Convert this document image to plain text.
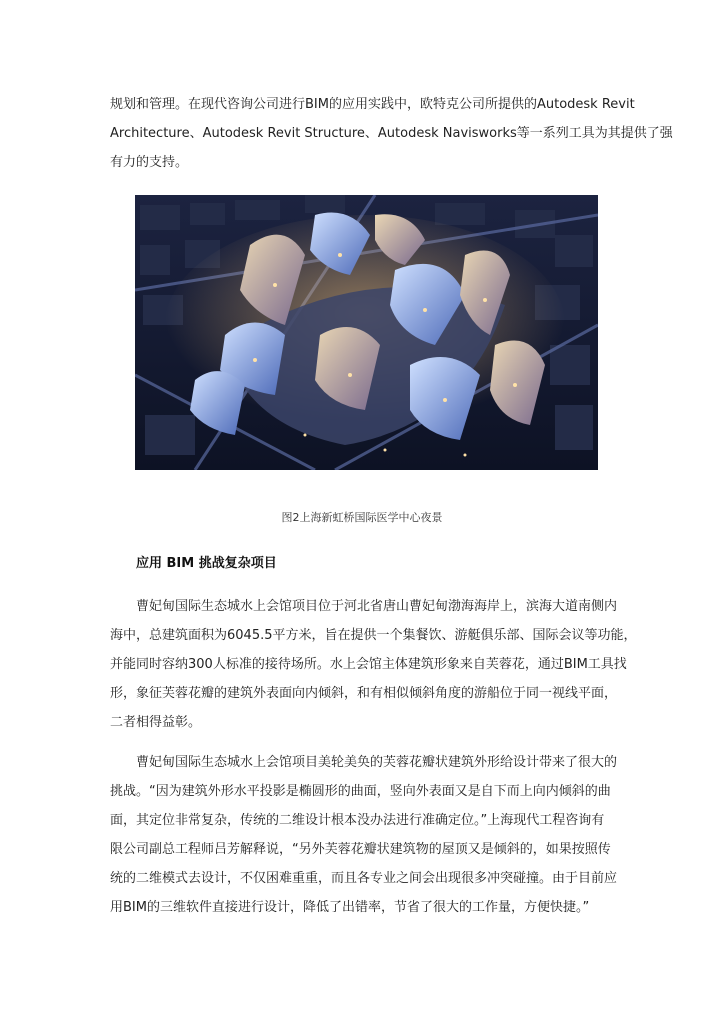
规划和管理。在现代咨询公司进行BIM的应用实践中，欧特克公司所提供的Autodesk Revit
Architecture、Autodesk Revit Structure、Autodesk Navisworks等一系列工具为其提供了强
有力的支持。

图2上海新虹桥国际医学中心夜景
应用 BIM 挑战复杂项目

曹妃甸国际生态城水上会馆项目位于河北省唐山曹妃甸渤海海岸上，滨海大道南侧内
海中，总建筑面积为6045.5平方米，旨在提供一个集餐饮、游艇俱乐部、国际会议等功能，
并能同时容纳300人标准的接待场所。水上会馆主体建筑形象来自芙蓉花，通过BIM工具找
形，象征芙蓉花瓣的建筑外表面向内倾斜，和有相似倾斜角度的游船位于同一视线平面，
二者相得益彰。

曹妃甸国际生态城水上会馆项目美轮美奂的芙蓉花瓣状建筑外形给设计带来了很大的
挑战。“因为建筑外形水平投影是椭圆形的曲面，竖向外表面又是自下而上向内倾斜的曲
面，其定位非常复杂，传统的二维设计根本没办法进行准确定位。”上海现代工程咨询有
限公司副总工程师吕芳解释说，“另外芙蓉花瓣状建筑物的屋顶又是倾斜的，如果按照传
统的二维模式去设计，不仅困难重重，而且各专业之间会出现很多冲突碰撞。由于目前应
用BIM的三维软件直接进行设计，降低了出错率，节省了很大的工作量，方便快捷。”
